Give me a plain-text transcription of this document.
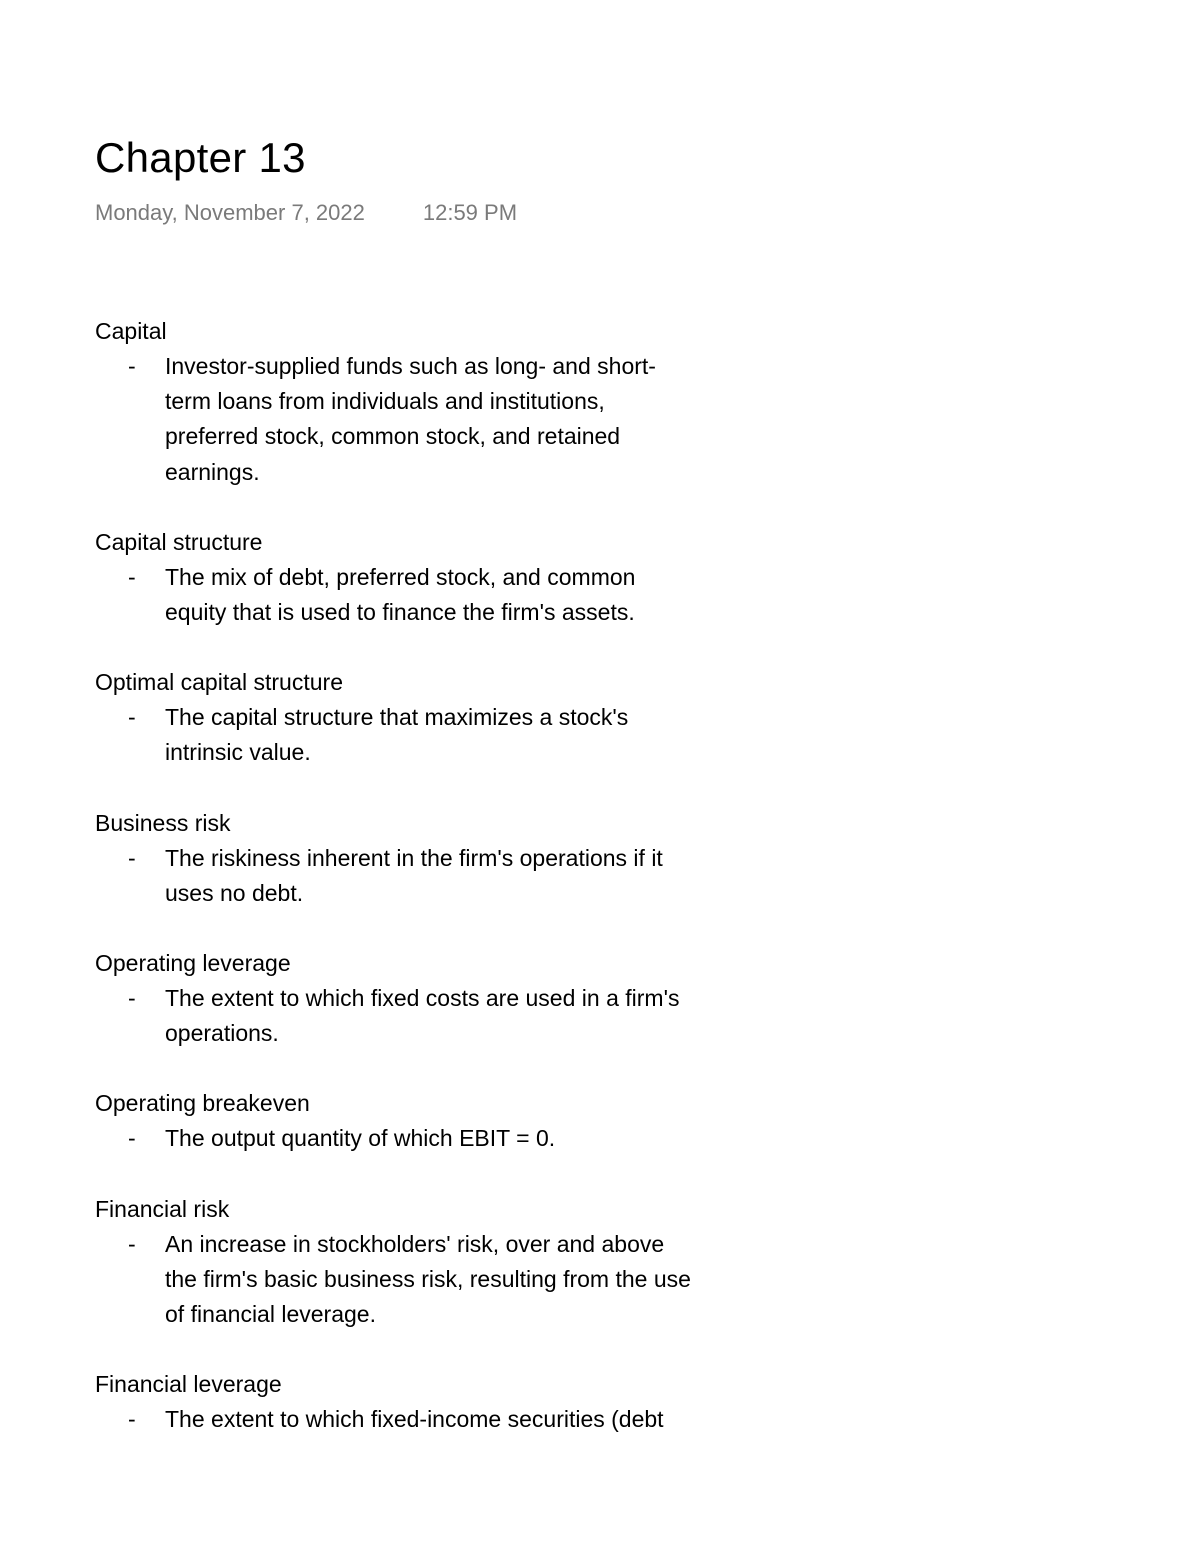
Chapter 13
Monday, November 7, 2022	12:59 PM

Capital

- Investor-supplied funds such as long- and short-
term loans from individuals and institutions,
preferred stock, common stock, and retained
earnings.

Capital structure

- The mix of debt, preferred stock, and common
equity that is used to finance the firm's assets.

Optimal capital structure

- The capital structure that maximizes a stock's
intrinsic value.

Business risk

- The riskiness inherent in the firm's operations if it
uses no debt.

Operating leverage

- The extent to which fixed costs are used in a firm's
operations.

Operating breakeven

- The output quantity of which EBIT = 0.

Financial risk

- An increase in stockholders' risk, over and above
the firm's basic business risk, resulting from the use
of financial leverage.

Financial leverage

- The extent to which fixed-income securities (debt
